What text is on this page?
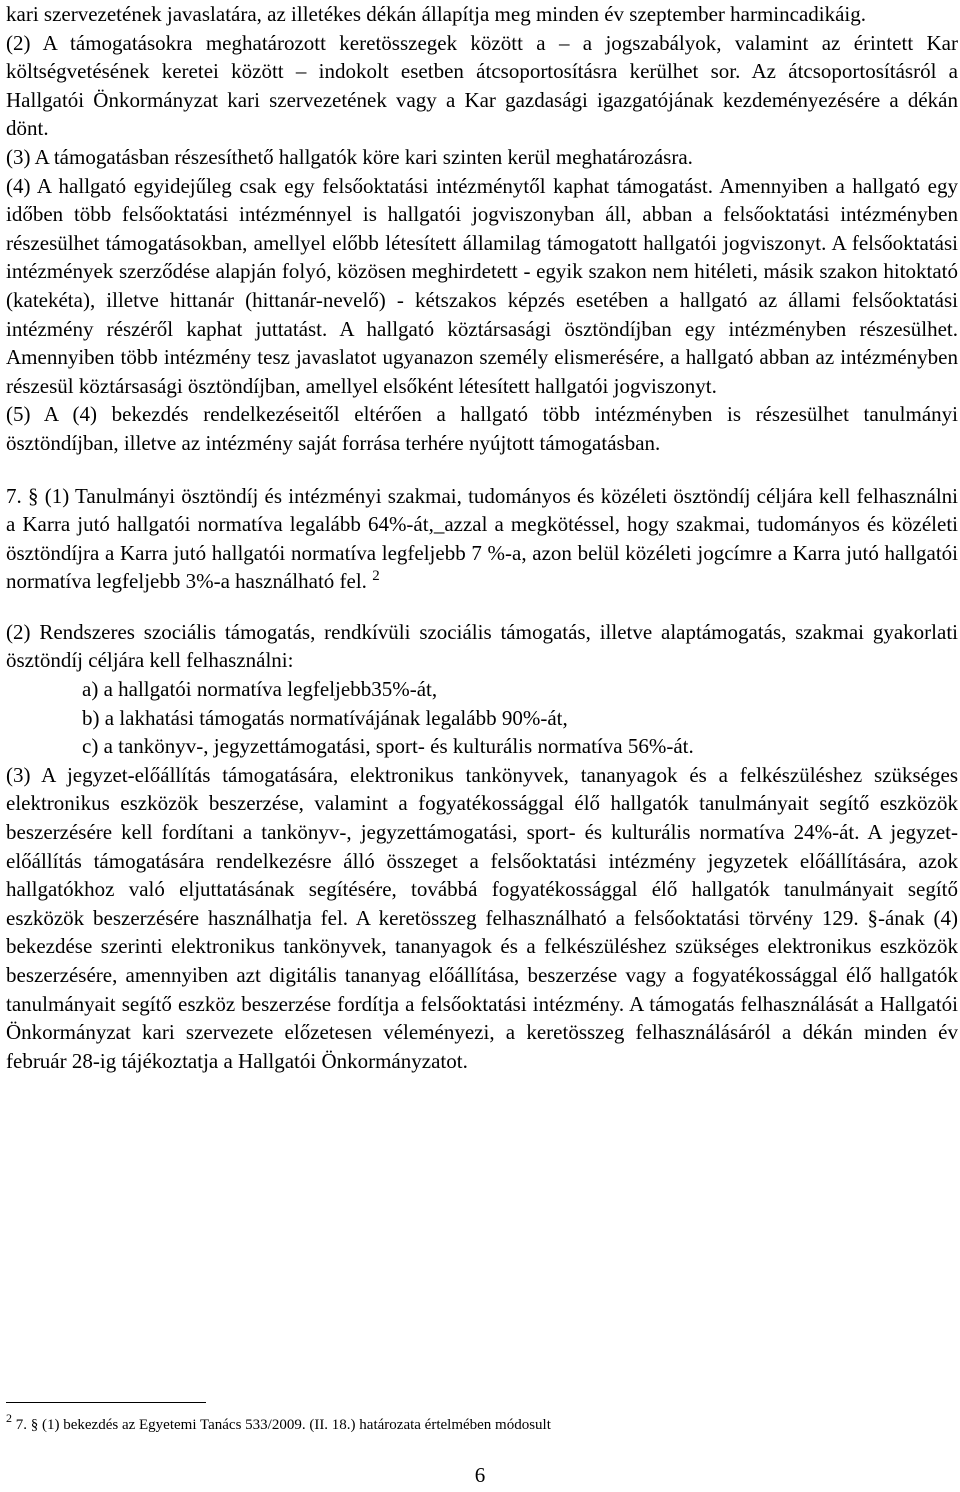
kari szervezetének javaslatára, az illetékes dékán állapítja meg minden év szeptember harmincadikáig.

(2) A támogatásokra meghatározott keretösszegek között a – a jogszabályok, valamint az érintett Kar költségvetésének keretei között – indokolt esetben átcsoportosításra kerülhet sor. Az átcsoportosításról a Hallgatói Önkormányzat kari szervezetének vagy a Kar gazdasági igazgatójának kezdeményezésére a dékán dönt.

(3) A támogatásban részesíthető hallgatók köre kari szinten kerül meghatározásra.

(4) A hallgató egyidejűleg csak egy felsőoktatási intézménytől kaphat támogatást. Amennyiben a hallgató egy időben több felsőoktatási intézménnyel is hallgatói jogviszonyban áll, abban a felsőoktatási intézményben részesülhet támogatásokban, amellyel előbb létesített államilag támogatott hallgatói jogviszonyt. A felsőoktatási intézmények szerződése alapján folyó, közösen meghirdetett - egyik szakon nem hitéleti, másik szakon hitoktató (katekéta), illetve hittanár (hittanár-nevelő) - kétszakos képzés esetében a hallgató az állami felsőoktatási intézmény részéről kaphat juttatást. A hallgató köztársasági ösztöndíjban egy intézményben részesülhet. Amennyiben több intézmény tesz javaslatot ugyanazon személy elismerésére, a hallgató abban az intézményben részesül köztársasági ösztöndíjban, amellyel elsőként létesített hallgatói jogviszonyt.

(5) A (4) bekezdés rendelkezéseitől eltérően a hallgató több intézményben is részesülhet tanulmányi ösztöndíjban, illetve az intézmény saját forrása terhére nyújtott támogatásban.

7. § (1) Tanulmányi ösztöndíj és intézményi szakmai, tudományos és közéleti ösztöndíj céljára kell felhasználni a Karra jutó hallgatói normatíva legalább 64%-át,_azzal a megkötéssel, hogy szakmai, tudományos és közéleti ösztöndíjra a Karra jutó hallgatói normatíva legfeljebb 7 %-a, azon belül közéleti jogcímre a Karra jutó hallgatói normatíva legfeljebb 3%-a használható fel. $^2$

(2) Rendszeres szociális támogatás, rendkívüli szociális támogatás, illetve alaptámogatás, szakmai gyakorlati ösztöndíj céljára kell felhasználni:

a) a hallgatói normatíva legfeljebb35%-át,

b) a lakhatási támogatás normatívájának legalább 90%-át,

c) a tankönyv-, jegyzettámogatási, sport- és kulturális normatíva 56%-át.

(3) A jegyzet-előállítás támogatására, elektronikus tankönyvek, tananyagok és a felkészüléshez szükséges elektronikus eszközök beszerzése, valamint a fogyatékossággal élő hallgatók tanulmányait segítő eszközök beszerzésére kell fordítani a tankönyv-, jegyzettámogatási, sport- és kulturális normatíva 24%-át. A jegyzet-előállítás támogatására rendelkezésre álló összeget a felsőoktatási intézmény jegyzetek előállítására, azok hallgatókhoz való eljuttatásának segítésére, továbbá fogyatékossággal élő hallgatók tanulmányait segítő eszközök beszerzésére használhatja fel. A keretösszeg felhasználható a felsőoktatási törvény 129. §-ának (4) bekezdése szerinti elektronikus tankönyvek, tananyagok és a felkészüléshez szükséges elektronikus eszközök beszerzésére, amennyiben azt digitális tananyag előállítása, beszerzése vagy a fogyatékossággal élő hallgatók tanulmányait segítő eszköz beszerzése fordítja a felsőoktatási intézmény. A támogatás felhasználását a Hallgatói Önkormányzat kari szervezete előzetesen véleményezi, a keretösszeg felhasználásáról a dékán minden év február 28-ig tájékoztatja a Hallgatói Önkormányzatot.

$^2$ 7. § (1) bekezdés az Egyetemi Tanács 533/2009. (II. 18.) határozata értelmében módosult

6
